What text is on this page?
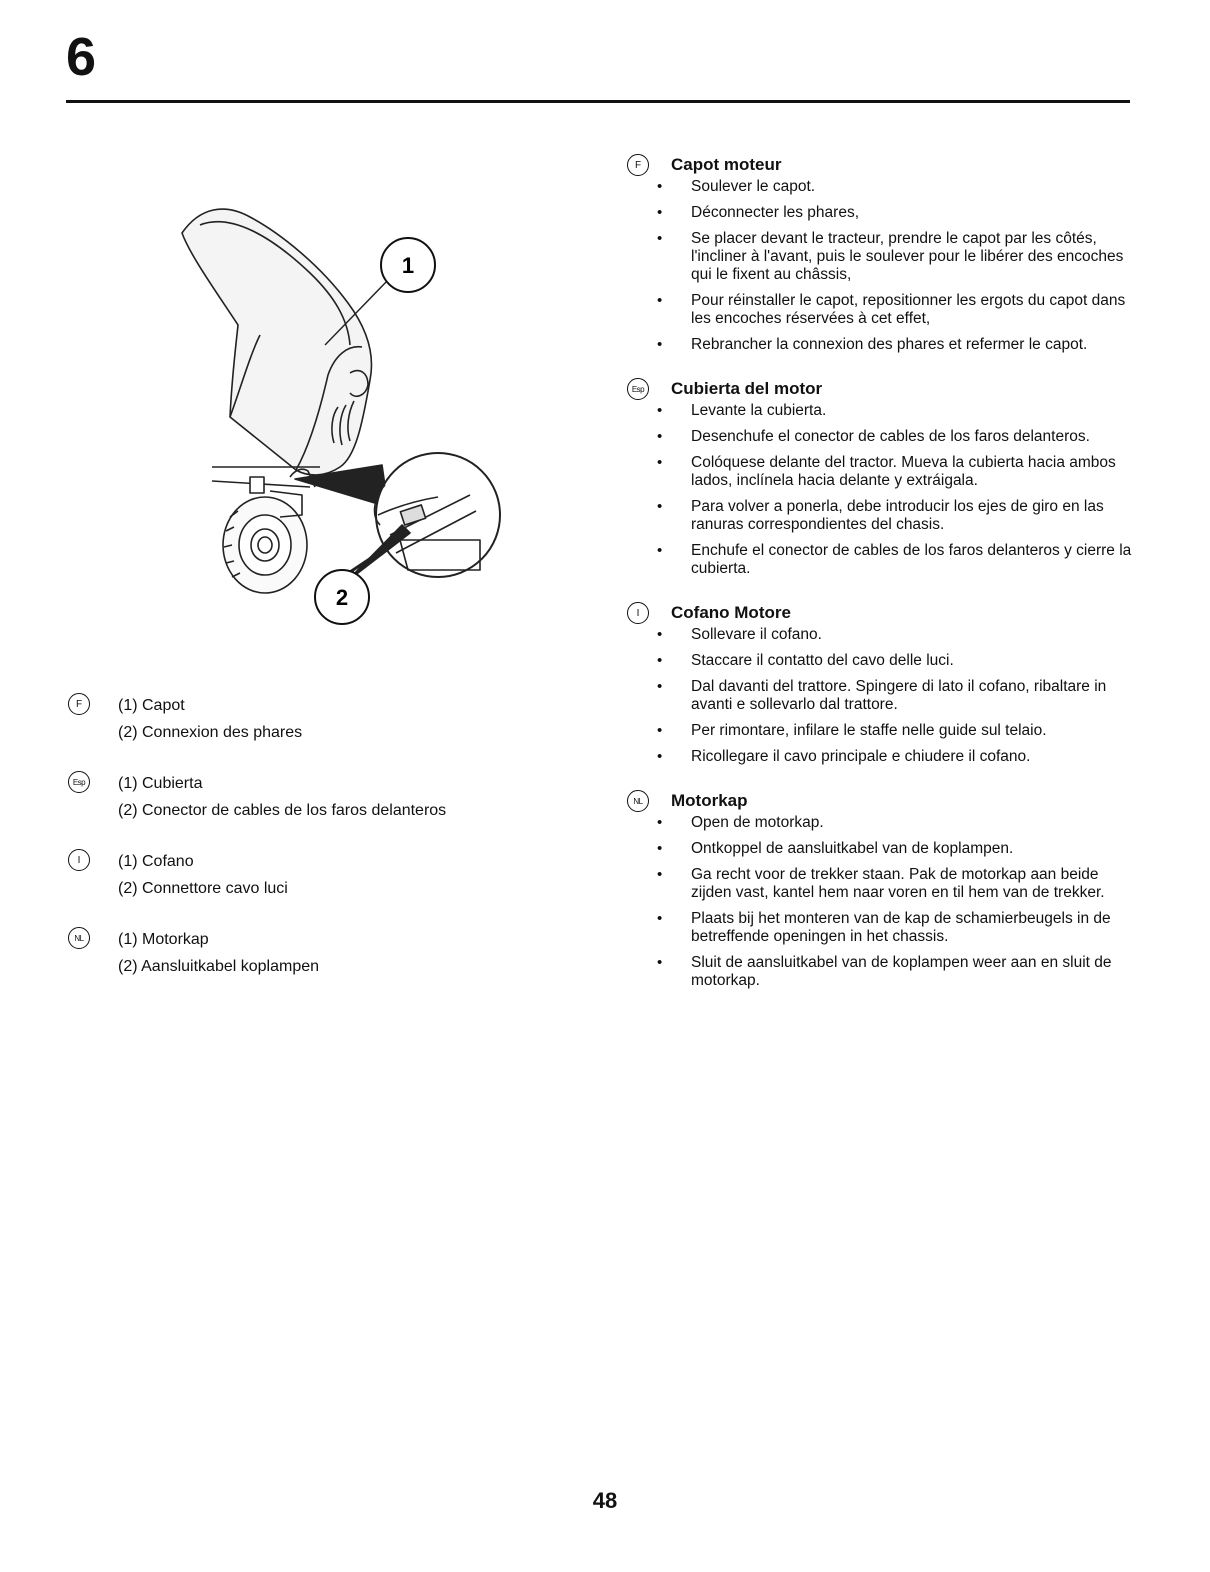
6
1
2
F	(1) Capot
(2) Connexion des phares
Esp	(1) Cubierta
(2) Conector de cables de los faros delanteros
I	(1) Cofano
(2) Connettore cavo luci
NL	(1) Motorkap
(2) Aansluitkabel koplampen
F	Capot moteur
• Soulever le capot.
• Déconnecter les phares,
• Se placer devant le tracteur, prendre le capot par les côtés, l'incliner à l'avant, puis le soulever pour le libérer des encoches qui le fixent au châssis,
• Pour réinstaller le capot, repositionner les ergots du capot dans les encoches réservées à cet effet,
• Rebrancher la connexion des phares et refermer le capot.
Esp Cubierta del motor
• Levante la cubierta.
• Desenchufe el conector de cables de los faros delanteros.
• Colóquese delante del tractor. Mueva la cubierta hacia ambos lados, inclínela hacia delante y extráigala.
• Para volver a ponerla, debe introducir los ejes de giro en las ranuras correspondientes del chasis.
• Enchufe el conector de cables de los faros delanteros y cierre la cubierta.
I	Cofano Motore
• Sollevare il cofano.
• Staccare il contatto del cavo delle luci.
• Dal davanti del trattore. Spingere di lato il cofano, ribaltare in avanti e sollevarlo dal trattore.
• Per rimontare, infilare le staffe nelle guide sul telaio.
• Ricollegare il cavo principale e chiudere il cofano.
NL	Motorkap
• Open de motorkap.
• Ontkoppel de aansluitkabel van de koplampen.
• Ga recht voor de trekker staan. Pak de motorkap aan beide zijden vast, kantel hem naar voren en til hem van de trekker.
• Plaats bij het monteren van de kap de schamierbeugels in de betreffende openingen in het chassis.
• Sluit de aansluitkabel van de koplampen weer aan en sluit de motorkap.
48
